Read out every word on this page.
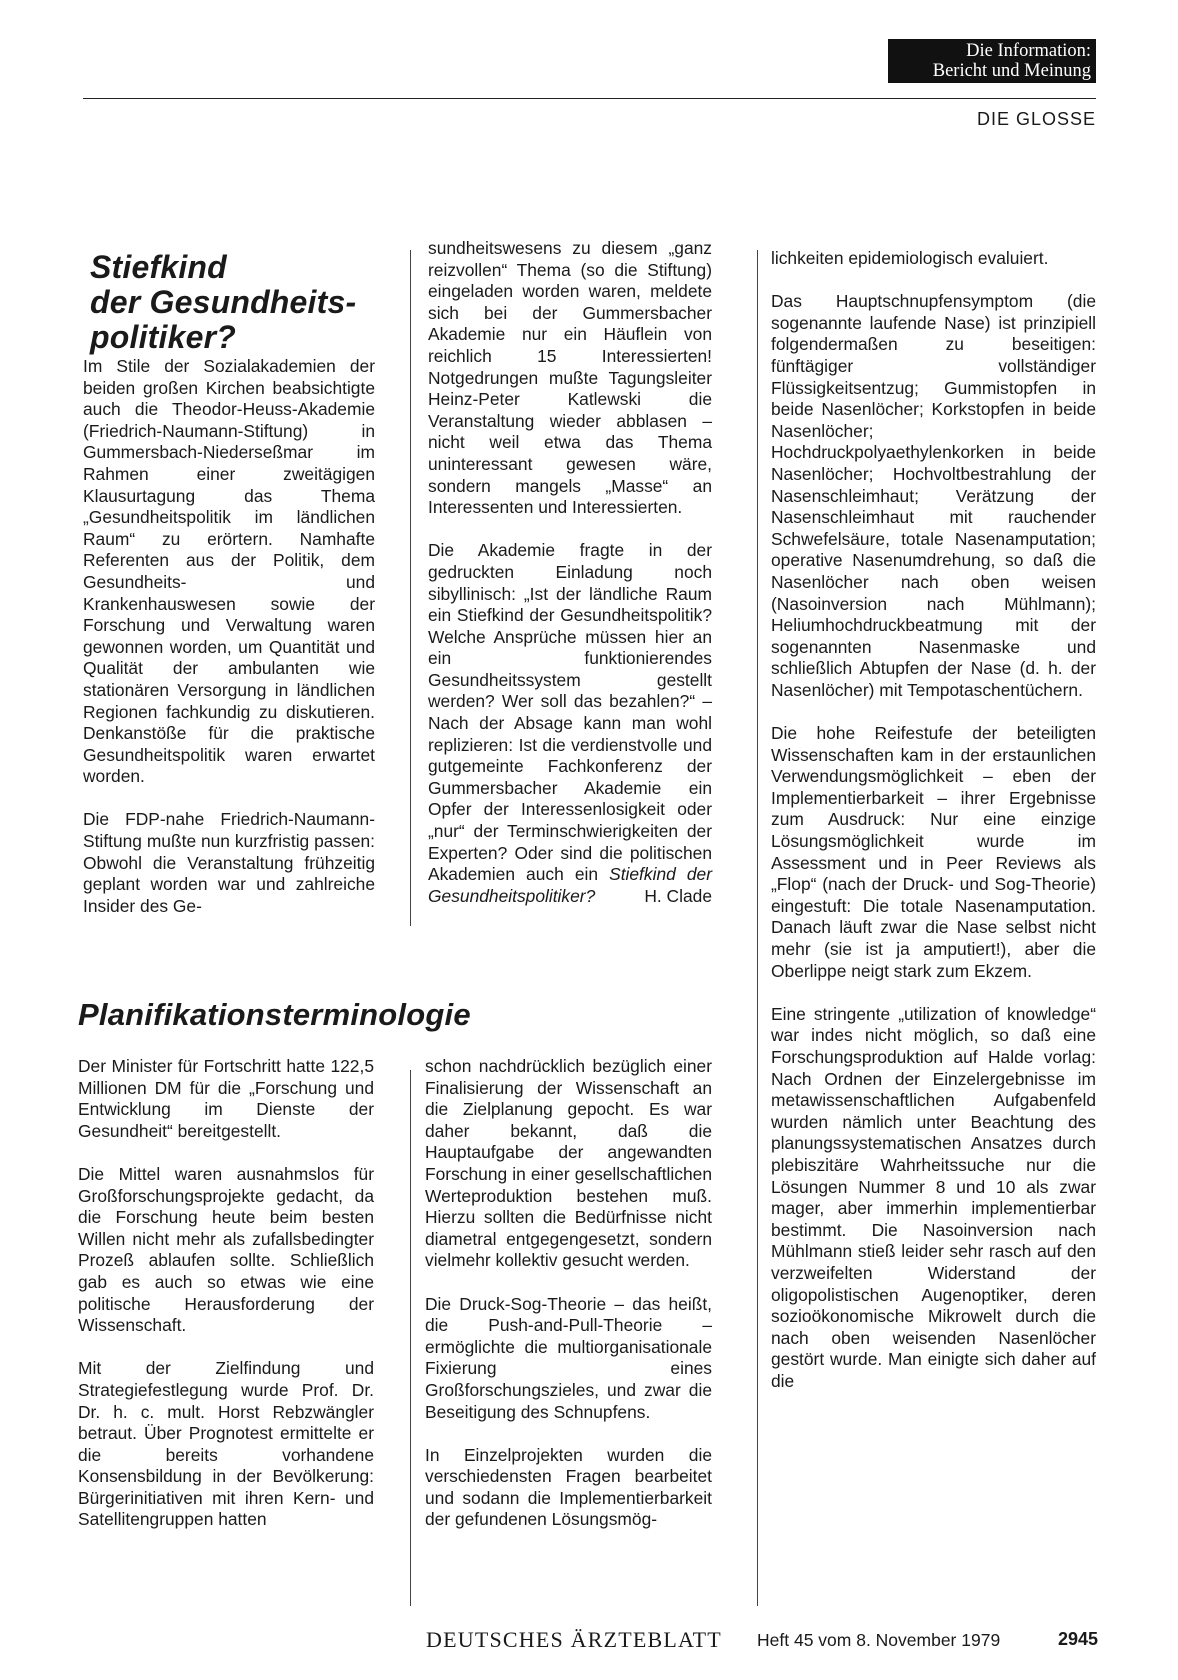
Die Information:
Bericht und Meinung
DIE GLOSSE
Stiefkind
der Gesundheits-
politiker?

Im Stile der Sozialakademien der beiden großen Kirchen beabsichtigte auch die Theodor-Heuss-Akademie (Friedrich-Naumann-Stiftung) in Gummersbach-Niederseßmar im Rahmen einer zweitägigen Klausurtagung das Thema „Gesundheitspolitik im ländlichen Raum“ zu erörtern. Namhafte Referenten aus der Politik, dem Gesundheits- und Krankenhauswesen sowie der Forschung und Verwaltung waren gewonnen worden, um Quantität und Qualität der ambulanten wie stationären Versorgung in ländlichen Regionen fachkundig zu diskutieren. Denkanstöße für die praktische Gesundheitspolitik waren erwartet worden.

Die FDP-nahe Friedrich-Naumann-Stiftung mußte nun kurzfristig passen: Obwohl die Veranstaltung frühzeitig geplant worden war und zahlreiche Insider des Ge-

sundheitswesens zu diesem „ganz reizvollen“ Thema (so die Stiftung) eingeladen worden waren, meldete sich bei der Gummersbacher Akademie nur ein Häuflein von reichlich 15 Interessierten! Notgedrungen mußte Tagungsleiter Heinz-Peter Katlewski die Veranstaltung wieder abblasen – nicht weil etwa das Thema uninteressant gewesen wäre, sondern mangels „Masse“ an Interessenten und Interessierten.

Die Akademie fragte in der gedruckten Einladung noch sibyllinisch: „Ist der ländliche Raum ein Stiefkind der Gesundheitspolitik? Welche Ansprüche müssen hier an ein funktionierendes Gesundheitssystem gestellt werden? Wer soll das bezahlen?“ – Nach der Absage kann man wohl replizieren: Ist die verdienstvolle und gutgemeinte Fachkonferenz der Gummersbacher Akademie ein Opfer der Interessenlosigkeit oder „nur“ der Terminschwierigkeiten der Experten? Oder sind die politischen Akademien auch ein Stiefkind der Gesundheitspolitiker?	H. Clade

Planifikationsterminologie

Der Minister für Fortschritt hatte 122,5 Millionen DM für die „Forschung und Entwicklung im Dienste der Gesundheit“ bereitgestellt.

Die Mittel waren ausnahmslos für Großforschungsprojekte gedacht, da die Forschung heute beim besten Willen nicht mehr als zufallsbedingter Prozeß ablaufen sollte. Schließlich gab es auch so etwas wie eine politische Herausforderung der Wissenschaft.

Mit der Zielfindung und Strategiefestlegung wurde Prof. Dr. Dr. h. c. mult. Horst Rebzwängler betraut. Über Prognotest ermittelte er die bereits vorhandene Konsensbildung in der Bevölkerung: Bürgerinitiativen mit ihren Kern- und Satellitengruppen hatten

schon nachdrücklich bezüglich einer Finalisierung der Wissenschaft an die Zielplanung gepocht. Es war daher bekannt, daß die Hauptaufgabe der angewandten Forschung in einer gesellschaftlichen Werteproduktion bestehen muß. Hierzu sollten die Bedürfnisse nicht diametral entgegengesetzt, sondern vielmehr kollektiv gesucht werden.

Die Druck-Sog-Theorie – das heißt, die Push-and-Pull-Theorie – ermöglichte die multiorganisationale Fixierung eines Großforschungszieles, und zwar die Beseitigung des Schnupfens.

In Einzelprojekten wurden die verschiedensten Fragen bearbeitet und sodann die Implementierbarkeit der gefundenen Lösungsmög-

lichkeiten epidemiologisch evaluiert.

Das Hauptschnupfensymptom (die sogenannte laufende Nase) ist prinzipiell folgendermaßen zu beseitigen: fünftägiger vollständiger Flüssigkeitsentzug; Gummistopfen in beide Nasenlöcher; Korkstopfen in beide Nasenlöcher; Hochdruckpolyaethylenkorken in beide Nasenlöcher; Hochvoltbestrahlung der Nasenschleimhaut; Verätzung der Nasenschleimhaut mit rauchender Schwefelsäure, totale Nasenamputation; operative Nasenumdrehung, so daß die Nasenlöcher nach oben weisen (Nasoinversion nach Mühlmann); Heliumhochdruckbeatmung mit der sogenannten Nasenmaske und schließlich Abtupfen der Nase (d. h. der Nasenlöcher) mit Tempotaschentüchern.

Die hohe Reifestufe der beteiligten Wissenschaften kam in der erstaunlichen Verwendungsmöglichkeit – eben der Implementierbarkeit – ihrer Ergebnisse zum Ausdruck: Nur eine einzige Lösungsmöglichkeit wurde im Assessment und in Peer Reviews als „Flop“ (nach der Druck- und Sog-Theorie) eingestuft: Die totale Nasenamputation. Danach läuft zwar die Nase selbst nicht mehr (sie ist ja amputiert!), aber die Oberlippe neigt stark zum Ekzem.

Eine stringente „utilization of knowledge“ war indes nicht möglich, so daß eine Forschungsproduktion auf Halde vorlag: Nach Ordnen der Einzelergebnisse im metawissenschaftlichen Aufgabenfeld wurden nämlich unter Beachtung des planungssystematischen Ansatzes durch plebiszitäre Wahrheitssuche nur die Lösungen Nummer 8 und 10 als zwar mager, aber immerhin implementierbar bestimmt. Die Nasoinversion nach Mühlmann stieß leider sehr rasch auf den verzweifelten Widerstand der oligopolistischen Augenoptiker, deren sozioökonomische Mikrowelt durch die nach oben weisenden Nasenlöcher gestört wurde. Man einigte sich daher auf die

DEUTSCHES ÄRZTEBLATT Heft 45 vom 8. November 1979	2945
